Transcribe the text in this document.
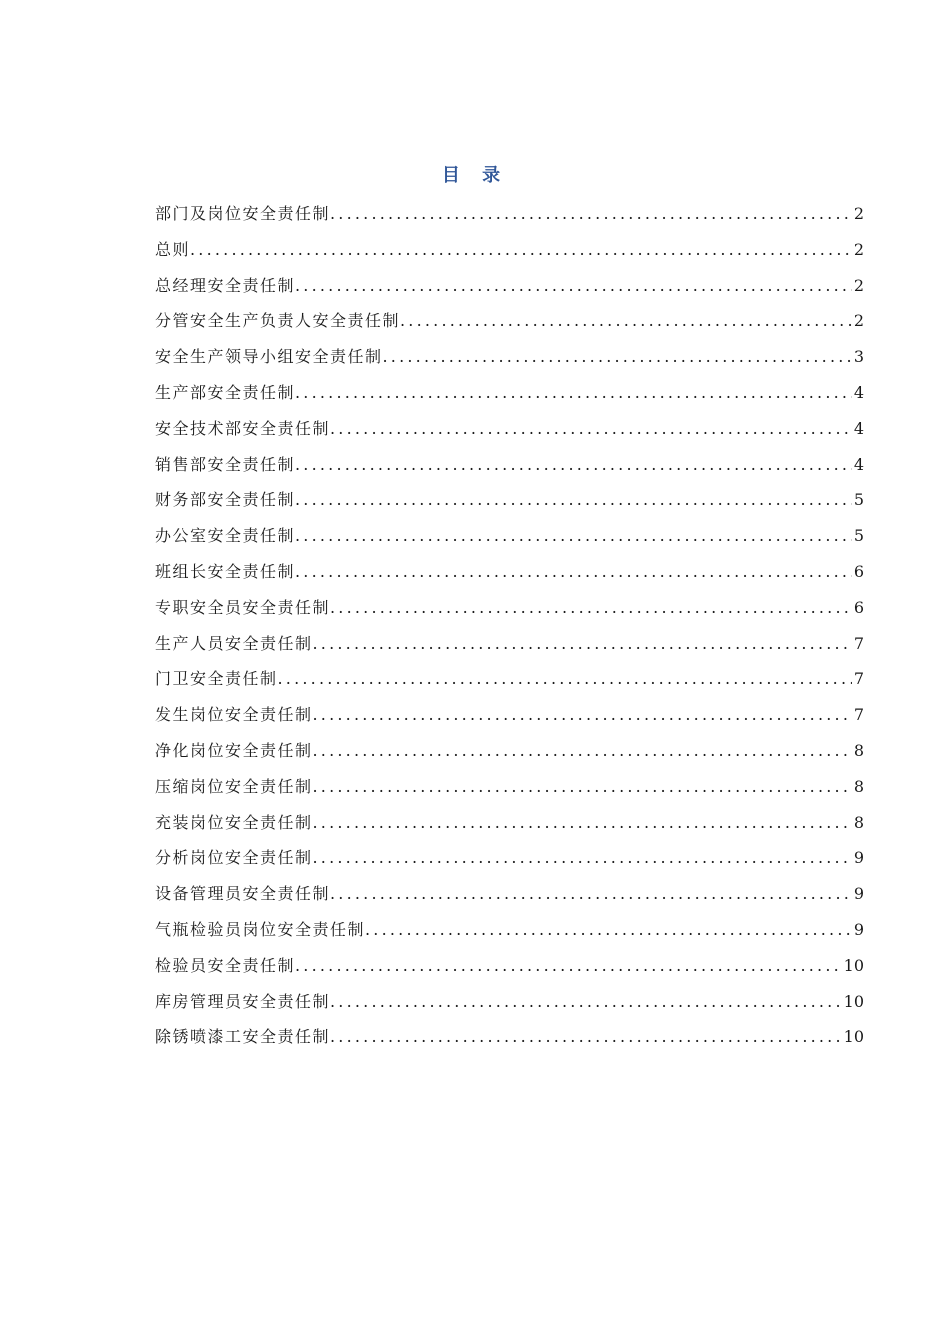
目 录
部门及岗位安全责任制 .....	2
总则 .....	2
总经理安全责任制 .....	2
分管安全生产负责人安全责任制 .....	2
安全生产领导小组安全责任制 .....	3
生产部安全责任制 .....	4
安全技术部安全责任制 .....	4
销售部安全责任制 .....	4
财务部安全责任制 .....	5
办公室安全责任制 .....	5
班组长安全责任制 .....	6
专职安全员安全责任制 .....	6
生产人员安全责任制 .....	7
门卫安全责任制 .....	7
发生岗位安全责任制 .....	7
净化岗位安全责任制 .....	8
压缩岗位安全责任制 .....	8
充装岗位安全责任制 .....	8
分析岗位安全责任制 .....	9
设备管理员安全责任制 .....	9
气瓶检验员岗位安全责任制 .....	9
检验员安全责任制 .....	10
库房管理员安全责任制 .....	10
除锈喷漆工安全责任制 .....	10
